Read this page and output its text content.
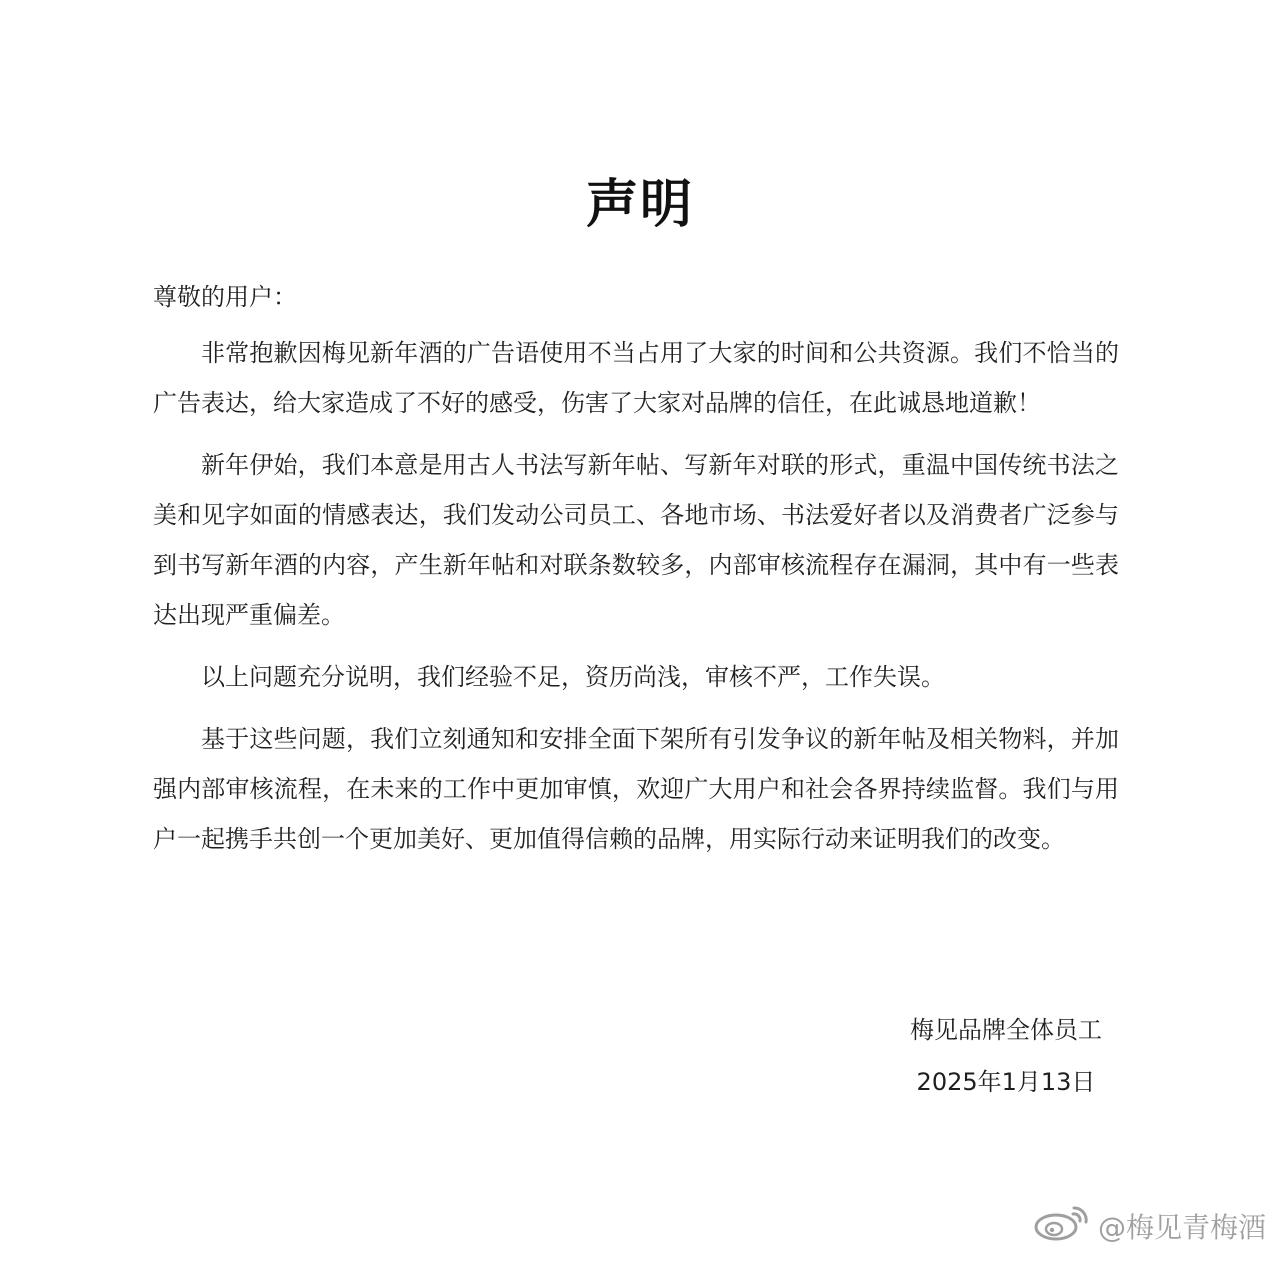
声明

尊敬的用户：

非常抱歉因梅见新年酒的广告语使用不当占用了大家的时间和公共资源。我们不恰当的广告表达，给大家造成了不好的感受，伤害了大家对品牌的信任，在此诚恳地道歉！

新年伊始，我们本意是用古人书法写新年帖、写新年对联的形式，重温中国传统书法之美和见字如面的情感表达，我们发动公司员工、各地市场、书法爱好者以及消费者广泛参与到书写新年酒的内容，产生新年帖和对联条数较多，内部审核流程存在漏洞，其中有一些表达出现严重偏差。

以上问题充分说明，我们经验不足，资历尚浅，审核不严，工作失误。

基于这些问题，我们立刻通知和安排全面下架所有引发争议的新年帖及相关物料，并加强内部审核流程，在未来的工作中更加审慎，欢迎广大用户和社会各界持续监督。我们与用户一起携手共创一个更加美好、更加值得信赖的品牌，用实际行动来证明我们的改变。

梅见品牌全体员工
2025年1月13日
@梅见青梅酒
